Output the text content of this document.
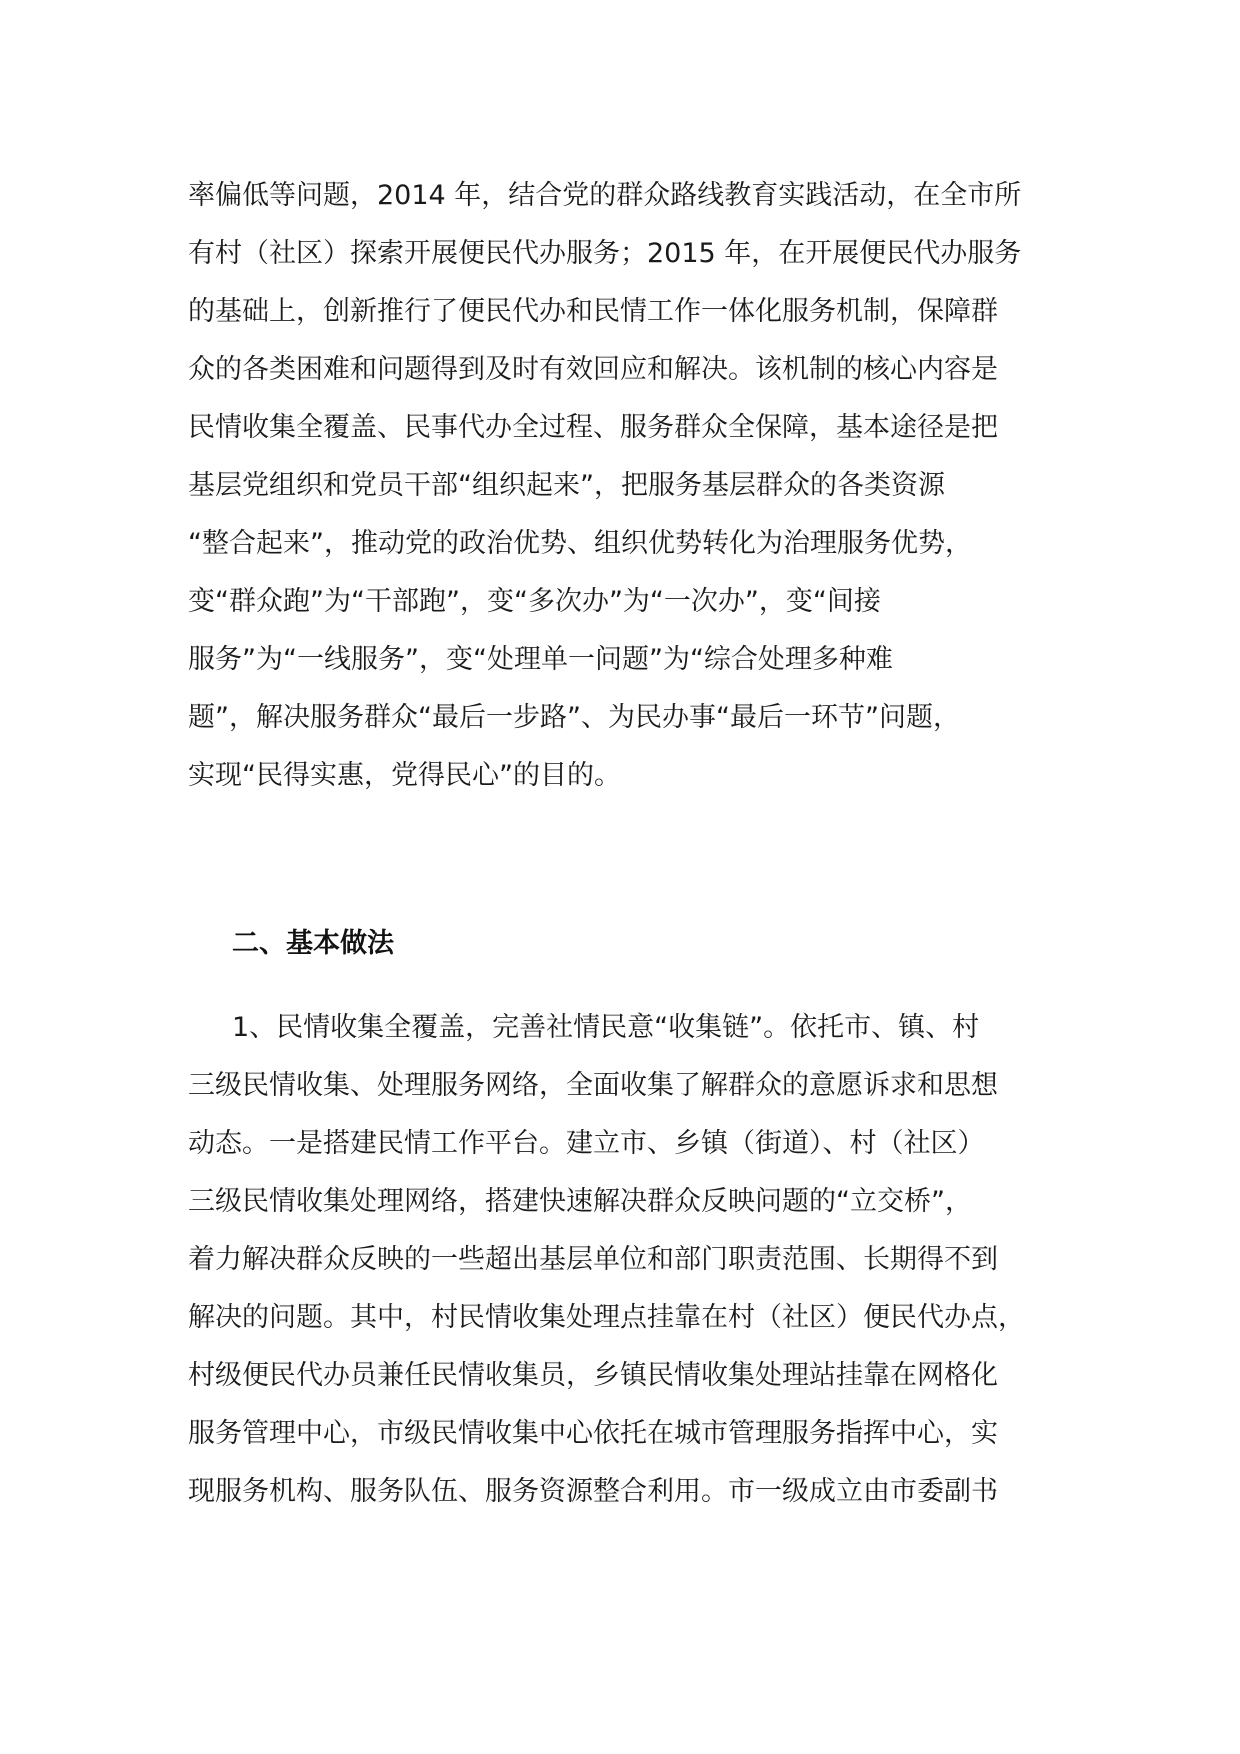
率偏低等问题，2014 年，结合党的群众路线教育实践活动，在全市所
有村（社区）探索开展便民代办服务；2015 年，在开展便民代办服务
的基础上，创新推行了便民代办和民情工作一体化服务机制，保障群
众的各类困难和问题得到及时有效回应和解决。该机制的核心内容是
民情收集全覆盖、民事代办全过程、服务群众全保障，基本途径是把
基层党组织和党员干部“组织起来”，把服务基层群众的各类资源
“整合起来”，推动党的政治优势、组织优势转化为治理服务优势，
变“群众跑”为“干部跑”，变“多次办”为“一次办”，变“间接
服务”为“一线服务”，变“处理单一问题”为“综合处理多种难
题”，解决服务群众“最后一步路”、为民办事“最后一环节”问题，
实现“民得实惠，党得民心”的目的。
二、基本做法
1、民情收集全覆盖，完善社情民意“收集链”。依托市、镇、村
三级民情收集、处理服务网络，全面收集了解群众的意愿诉求和思想
动态。一是搭建民情工作平台。建立市、乡镇（街道）、村（社区）
三级民情收集处理网络，搭建快速解决群众反映问题的“立交桥”，
着力解决群众反映的一些超出基层单位和部门职责范围、长期得不到
解决的问题。其中，村民情收集处理点挂靠在村（社区）便民代办点，
村级便民代办员兼任民情收集员，乡镇民情收集处理站挂靠在网格化
服务管理中心，市级民情收集中心依托在城市管理服务指挥中心，实
现服务机构、服务队伍、服务资源整合利用。市一级成立由市委副书
